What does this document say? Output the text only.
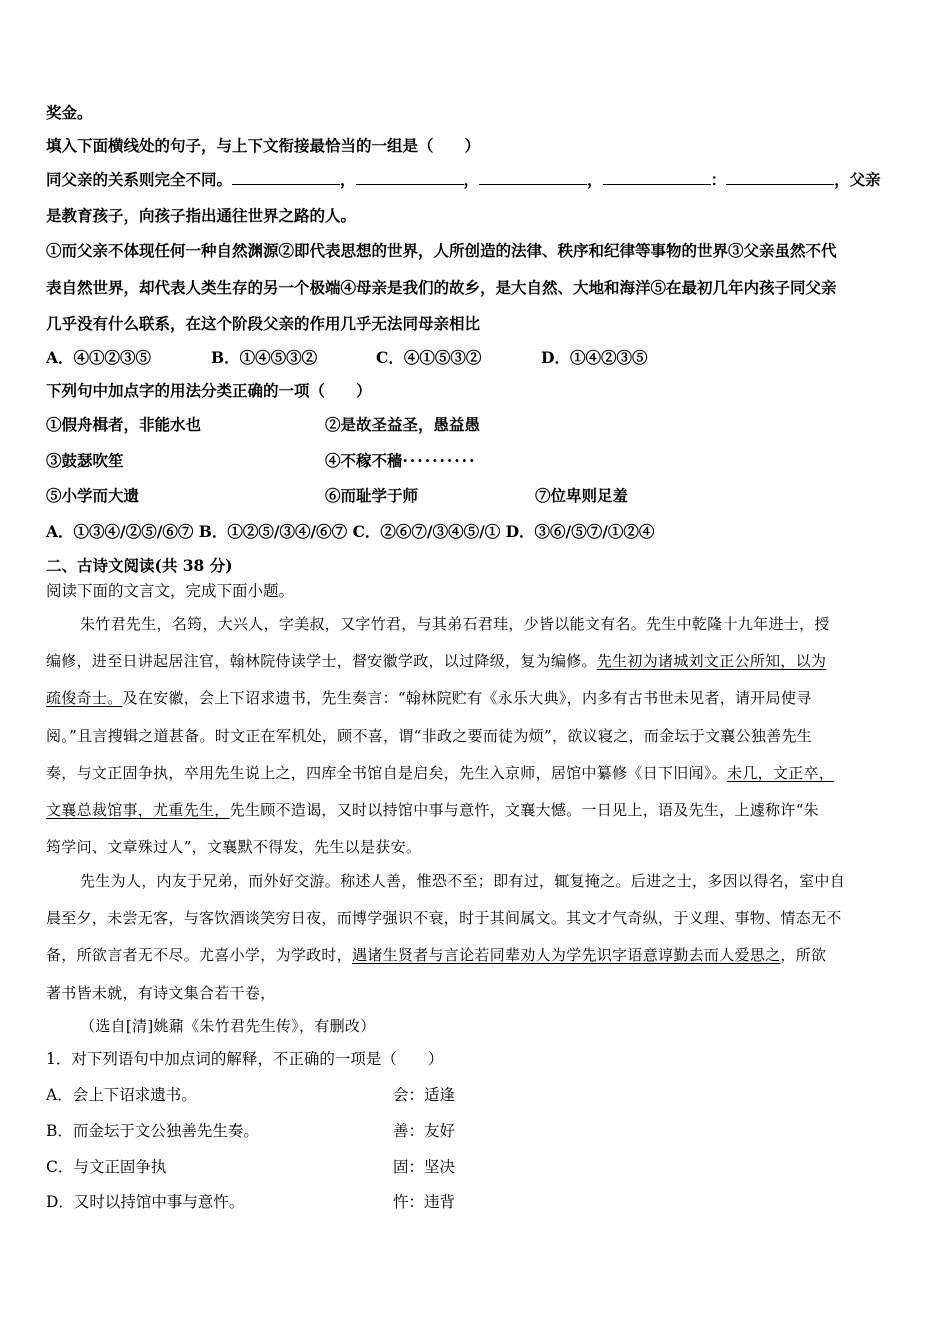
奖金。
填入下面横线处的句子，与上下文衔接最恰当的一组是（　　）
同父亲的关系则完全不同。	，	，	，	：	，父亲
是教育孩子，向孩子指出通往世界之路的人。
①而父亲不体现任何一种自然渊源②即代表思想的世界，人所创造的法律、秩序和纪律等事物的世界③父亲虽然不代
表自然世界，却代表人类生存的另一个极端④母亲是我们的故乡，是大自然、大地和海洋⑤在最初几年内孩子同父亲
几乎没有什么联系，在这个阶段父亲的作用几乎无法同母亲相比
A．④①②③⑤	B．①④⑤③②	C．④①⑤③②	D．①④②③⑤
下列句中加点字的用法分类正确的一项（　　）
①假舟楫者，非能水也	②是故圣益圣，愚益愚
③鼓瑟吹笙	④不稼不穑··········
⑤小学而大遗	⑥而耻学于师	⑦位卑则足羞
A．①③④/②⑤/⑥⑦ B．①②⑤/③④/⑥⑦ C．②⑥⑦/③④⑤/① D．③⑥/⑤⑦/①②④
二、古诗文阅读(共 38 分)
阅读下面的文言文，完成下面小题。
朱竹君先生，名筠，大兴人，字美叔，又字竹君，与其弟石君珪，少皆以能文有名。先生中乾隆十九年进士，授
编修，进至日讲起居注官，翰林院侍读学士，督安徽学政，以过降级，复为编修。先生初为诸城刘文正公所知，以为
疏俊奇士。及在安徽，会上下诏求遗书，先生奏言：“翰林院贮有《永乐大典》，内多有古书世未见者，请开局使寻
阅。”且言搜辑之道甚备。时文正在军机处，顾不喜，谓“非政之要而徒为烦”，欲议寝之，而金坛于文襄公独善先生
奏，与文正固争执，卒用先生说上之，四库全书馆自是启矣，先生入京师，居馆中纂修《日下旧闻》。未几，文正卒，
文襄总裁馆事，尤重先生，先生顾不造谒，又时以持馆中事与意忤，文襄大憾。一日见上，语及先生，上遽称许“朱
筠学问、文章殊过人”，文襄默不得发，先生以是获安。
先生为人，内友于兄弟，而外好交游。称述人善，惟恐不至；即有过，辄复掩之。后进之士，多因以得名，室中自
晨至夕，未尝无客，与客饮酒谈笑穷日夜，而博学强识不衰，时于其间属文。其文才气奇纵，于义理、事物、情态无不
备，所欲言者无不尽。尤喜小学，为学政时，遇诸生贤者与言论若同辈劝人为学先识字语意谆勤去而人爱思之，所欲
著书皆未就，有诗文集合若干卷，
（选自[清]姚鼐《朱竹君先生传》，有删改）
1．对下列语句中加点词的解释，不正确的一项是（　　）
A．会上下诏求遗书。	会：适逢
B．而金坛于文公独善先生奏。	善：友好
C．与文正固争执	固：坚决
D．又时以持馆中事与意忤。	忤：违背
